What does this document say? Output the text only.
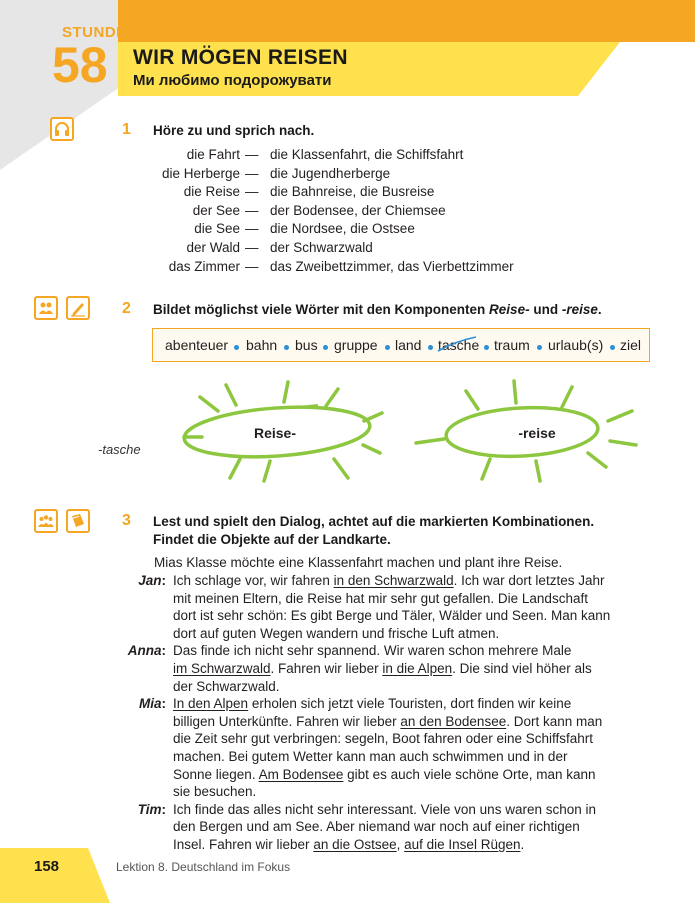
STUNDE
58 WIR MÖGEN REISEN
Ми любимо подорожувати
1 Höre zu und sprich nach.
die Fahrt — die Klassenfahrt, die Schiffsfahrt
die Herberge — die Jugendherberge
die Reise — die Bahnreise, die Busreise
der See — der Bodensee, der Chiemsee
die See — die Nordsee, die Ostsee
der Wald — der Schwarzwald
das Zimmer — das Zweibettzimmer, das Vierbettzimmer
2 Bildet möglichst viele Wörter mit den Komponenten Reise- und -reise.
abenteuer bahn bus gruppe land tasche traum urlaub(s) ziel
Reise-
-tasche
-reise
3 Lest und spielt den Dialog, achtet auf die markierten Kombinationen.
Findet die Objekte auf der Landkarte.
Mias Klasse möchte eine Klassenfahrt machen und plant ihre Reise.
Jan: Ich schlage vor, wir fahren in den Schwarzwald. Ich war dort letztes Jahr
mit meinen Eltern, die Reise hat mir sehr gut gefallen. Die Landschaft
dort ist sehr schön: Es gibt Berge und Täler, Wälder und Seen. Man kann
dort auf guten Wegen wandern und frische Luft atmen.
Anna: Das finde ich nicht sehr spannend. Wir waren schon mehrere Male
im Schwarzwald. Fahren wir lieber in die Alpen. Die sind viel höher als
der Schwarzwald.
Mia: In den Alpen erholen sich jetzt viele Touristen, dort finden wir keine
billigen Unterkünfte. Fahren wir lieber an den Bodensee. Dort kann man
die Zeit sehr gut verbringen: segeln, Boot fahren oder eine Schiffsfahrt
machen. Bei gutem Wetter kann man auch schwimmen und in der
Sonne liegen. Am Bodensee gibt es auch viele schöne Orte, man kann
sie besuchen.
Tim: Ich finde das alles nicht sehr interessant. Viele von uns waren schon in
den Bergen und am See. Aber niemand war noch auf einer richtigen
Insel. Fahren wir lieber an die Ostsee, auf die Insel Rügen.
158	Lektion 8. Deutschland im Fokus
